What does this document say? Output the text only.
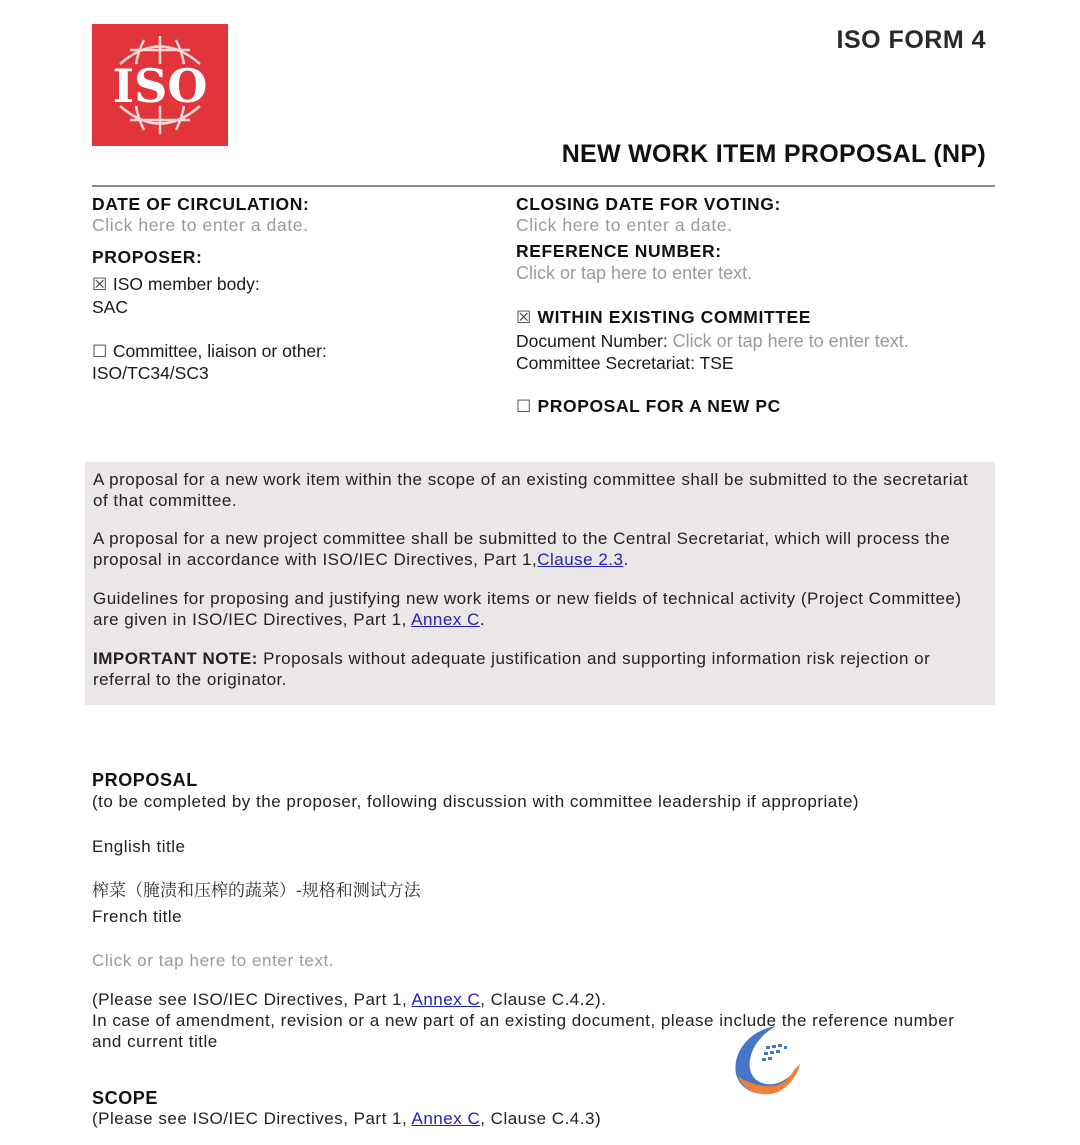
ISO
ISO FORM 4
NEW WORK ITEM PROPOSAL (NP)
DATE OF CIRCULATION:
Click here to enter a date.
PROPOSER:
☒ ISO member body:
SAC
☐ Committee, liaison or other:
ISO/TC34/SC3
CLOSING DATE FOR VOTING:
Click here to enter a date.
REFERENCE NUMBER:
Click or tap here to enter text.
☒ WITHIN EXISTING COMMITTEE
Document Number: Click or tap here to enter text.
Committee Secretariat: TSE
☐ PROPOSAL FOR A NEW PC
A proposal for a new work item within the scope of an existing committee shall be submitted to the secretariat of that committee.
A proposal for a new project committee shall be submitted to the Central Secretariat, which will process the proposal in accordance with ISO/IEC Directives, Part 1,Clause 2.3.
Guidelines for proposing and justifying new work items or new fields of technical activity (Project Committee) are given in ISO/IEC Directives, Part 1, Annex C.
IMPORTANT NOTE: Proposals without adequate justification and supporting information risk rejection or referral to the originator.
PROPOSAL
(to be completed by the proposer, following discussion with committee leadership if appropriate)
English title
榨菜（腌渍和压榨的蔬菜）-规格和测试方法
French title
Click or tap here to enter text.
(Please see ISO/IEC Directives, Part 1, Annex C, Clause C.4.2).
In case of amendment, revision or a new part of an existing document, please include the reference number and current title
SCOPE
(Please see ISO/IEC Directives, Part 1, Annex C, Clause C.4.3)
